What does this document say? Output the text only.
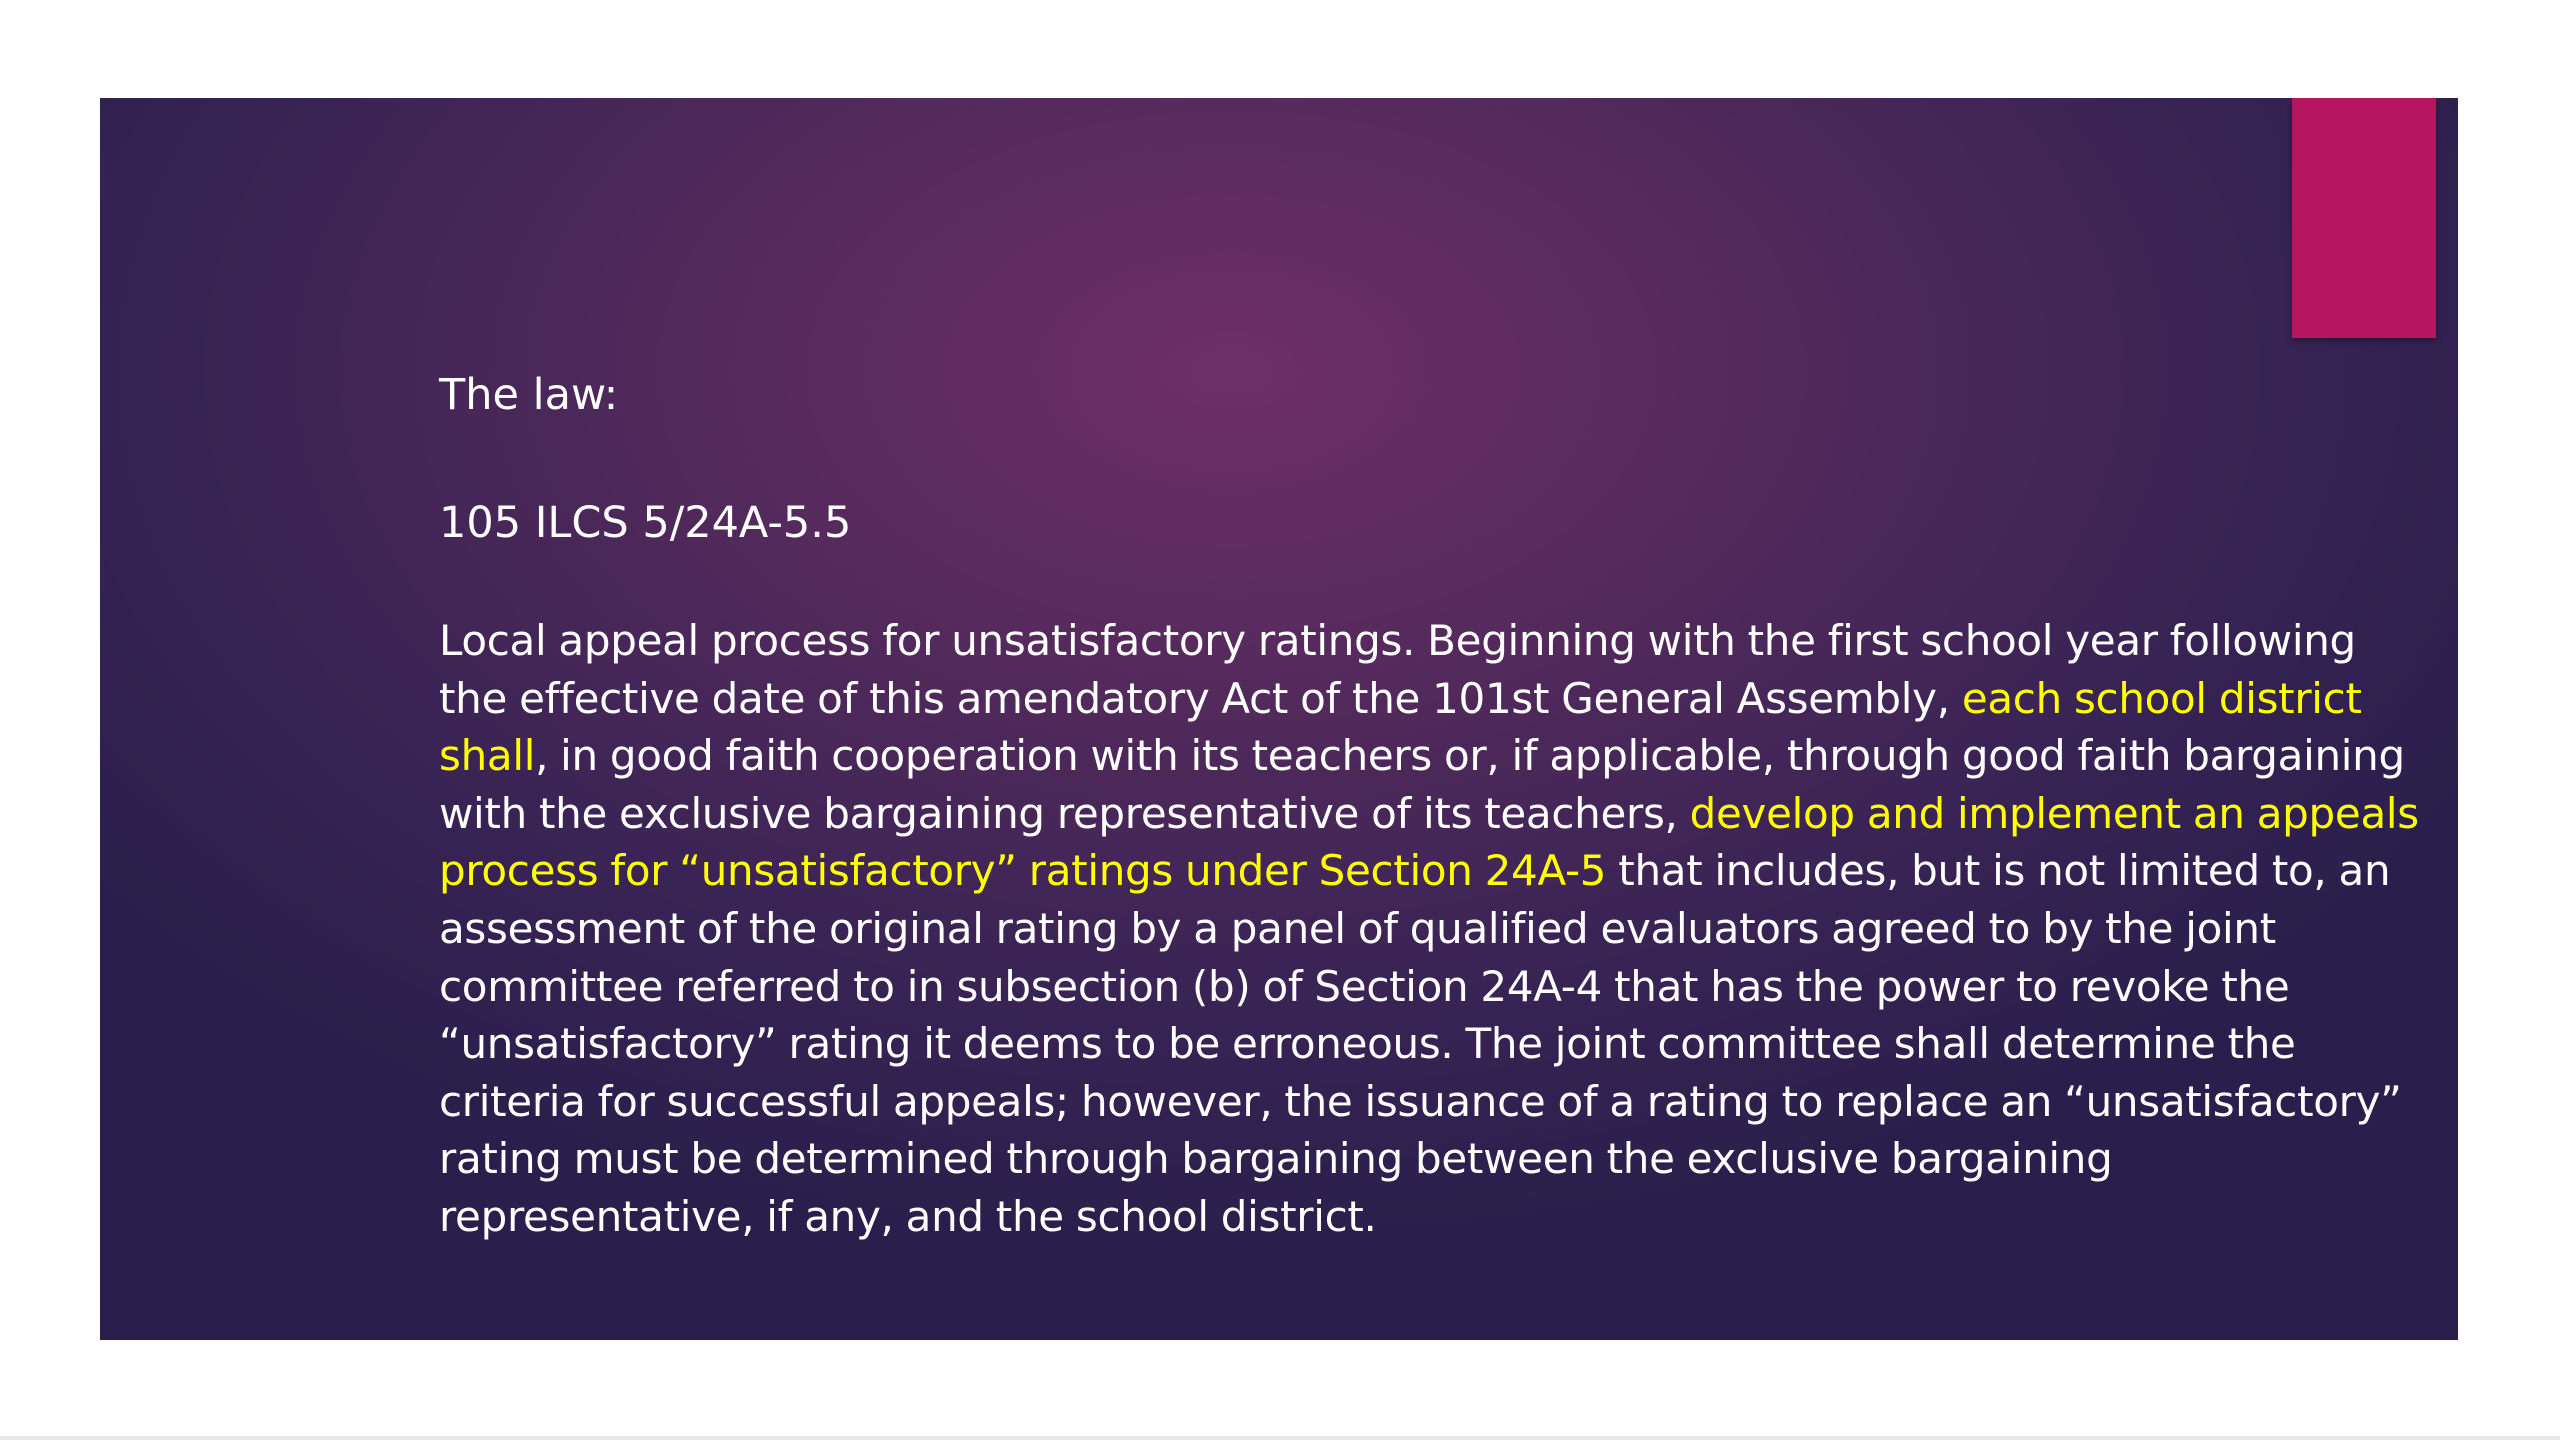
The law:

105 ILCS 5/24A-5.5

Local appeal process for unsatisfactory ratings. Beginning with the first school year following the effective date of this amendatory Act of the 101st General Assembly, each school district shall, in good faith cooperation with its teachers or, if applicable, through good faith bargaining with the exclusive bargaining representative of its teachers, develop and implement an appeals process for “unsatisfactory” ratings under Section 24A-5 that includes, but is not limited to, an assessment of the original rating by a panel of qualified evaluators agreed to by the joint committee referred to in subsection (b) of Section 24A-4 that has the power to revoke the “unsatisfactory” rating it deems to be erroneous. The joint committee shall determine the criteria for successful appeals; however, the issuance of a rating to replace an “unsatisfactory” rating must be determined through bargaining between the exclusive bargaining representative, if any, and the school district.
